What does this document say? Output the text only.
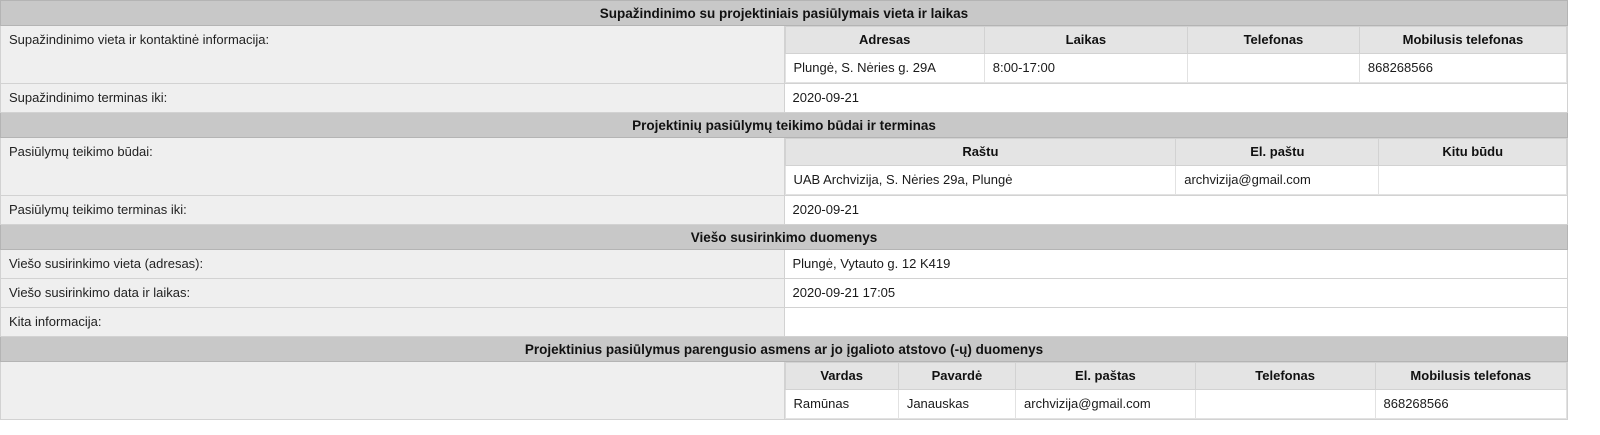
Supažindinimo su projektiniais pasiūlymais vieta ir laikas
Supažindinimo vieta ir kontaktinė informacija:		Adresas	Laikas	Telefonas	Mobilusis telefonas
Plungė, S. Nėries g. 29A	8:00-17:00		868268566

Supažindinimo terminas iki:	2020-09-21
Projektinių pasiūlymų teikimo būdai ir terminas
Pasiūlymų teikimo būdai:		Raštu	El. paštu	Kitu būdu
UAB Archvizija, S. Nėries 29a, Plungė	archvizija@gmail.com	

Pasiūlymų teikimo terminas iki:	2020-09-21
Viešo susirinkimo duomenys
Viešo susirinkimo vieta (adresas):	Plungė, Vytauto g. 12 K419
Viešo susirinkimo data ir laikas:	2020-09-21 17:05
Kita informacija:	
Projektinius pasiūlymus parengusio asmens ar jo įgalioto atstovo (-ų) duomenys

Vardas	Pavardė	El. paštas	Telefonas	Mobilusis telefonas
Ramūnas	Janauskas	archvizija@gmail.com		868268566
